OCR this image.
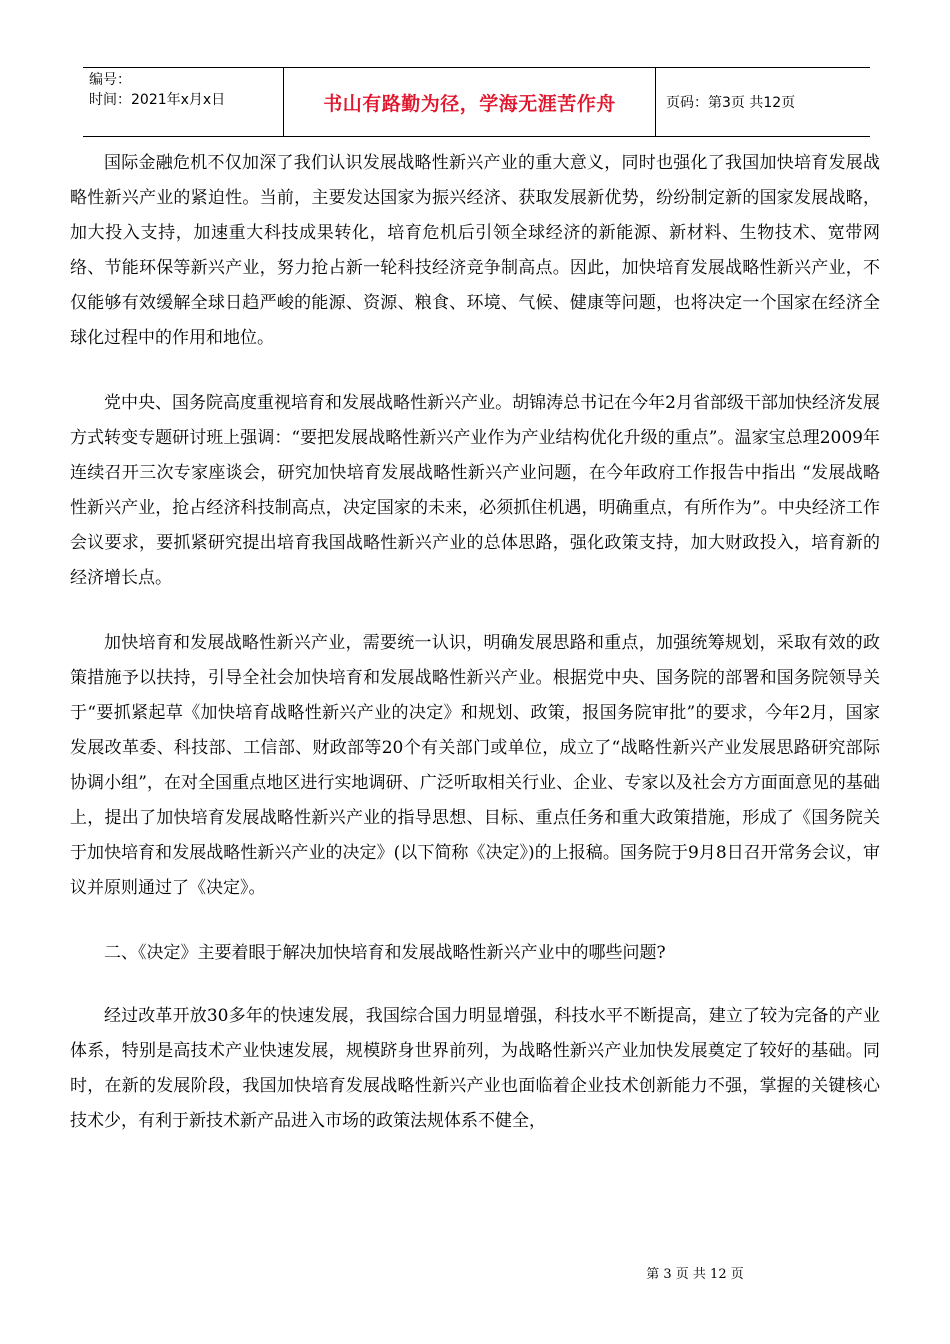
编号：
时间：2021年x月x日	书山有路勤为径，学海无涯苦作舟	页码：第3页 共12页

国际金融危机不仅加深了我们认识发展战略性新兴产业的重大意义，同时也强化了我国加快培育发展战略性新兴产业的紧迫性。当前，主要发达国家为振兴经济、获取发展新优势，纷纷制定新的国家发展战略，加大投入支持，加速重大科技成果转化，培育危机后引领全球经济的新能源、新材料、生物技术、宽带网络、节能环保等新兴产业，努力抢占新一轮科技经济竞争制高点。因此，加快培育发展战略性新兴产业，不仅能够有效缓解全球日趋严峻的能源、资源、粮食、环境、气候、健康等问题，也将决定一个国家在经济全球化过程中的作用和地位。

党中央、国务院高度重视培育和发展战略性新兴产业。胡锦涛总书记在今年2月省部级干部加快经济发展方式转变专题研讨班上强调：“要把发展战略性新兴产业作为产业结构优化升级的重点”。温家宝总理2009年连续召开三次专家座谈会，研究加快培育发展战略性新兴产业问题，在今年政府工作报告中指出 “发展战略性新兴产业，抢占经济科技制高点，决定国家的未来，必须抓住机遇，明确重点，有所作为”。中央经济工作会议要求，要抓紧研究提出培育我国战略性新兴产业的总体思路，强化政策支持，加大财政投入，培育新的经济增长点。

加快培育和发展战略性新兴产业，需要统一认识，明确发展思路和重点，加强统筹规划，采取有效的政策措施予以扶持，引导全社会加快培育和发展战略性新兴产业。根据党中央、国务院的部署和国务院领导关于“要抓紧起草《加快培育战略性新兴产业的决定》和规划、政策，报国务院审批”的要求，今年2月，国家发展改革委、科技部、工信部、财政部等20个有关部门或单位，成立了“战略性新兴产业发展思路研究部际协调小组”，在对全国重点地区进行实地调研、广泛听取相关行业、企业、专家以及社会方方面面意见的基础上，提出了加快培育发展战略性新兴产业的指导思想、目标、重点任务和重大政策措施，形成了《国务院关于加快培育和发展战略性新兴产业的决定》(以下简称《决定》)的上报稿。国务院于9月8日召开常务会议，审议并原则通过了《决定》。

二、《决定》主要着眼于解决加快培育和发展战略性新兴产业中的哪些问题?

经过改革开放30多年的快速发展，我国综合国力明显增强，科技水平不断提高，建立了较为完备的产业体系，特别是高技术产业快速发展，规模跻身世界前列，为战略性新兴产业加快发展奠定了较好的基础。同时，在新的发展阶段，我国加快培育发展战略性新兴产业也面临着企业技术创新能力不强，掌握的关键核心技术少，有利于新技术新产品进入市场的政策法规体系不健全，

第 3 页 共 12 页
